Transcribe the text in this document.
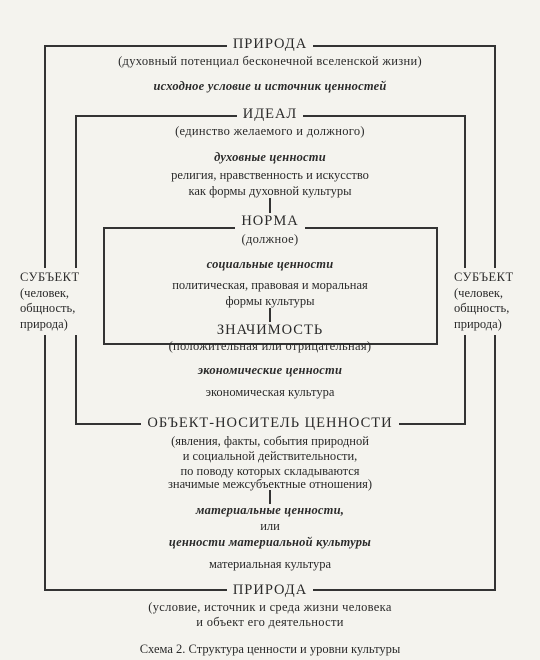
ПРИРОДА
(духовный потенциал бесконечной вселенской жизни)
исходное условие и источник ценностей
ИДЕАЛ
(единство желаемого и должного)
духовные ценности
религия, нравственность и искусство
как формы духовной культуры
НОРМА
(должное)
социальные ценности
политическая, правовая и моральная
формы культуры
ЗНАЧИМОСТЬ
(положительная или отрицательная)
экономические ценности
экономическая культура
ОБЪЕКТ-НОСИТЕЛЬ ЦЕННОСТИ
(явления, факты, события природной
и социальной действительности,
по поводу которых складываются
значимые межсубъектные отношения)
материальные ценности,
или
ценности материальной культуры
материальная культура
ПРИРОДА
(условие, источник и среда жизни человека
и объект его деятельности
СУБЪЕКТ
(человек,
общность,
природа)
СУБЪЕКТ
(человек,
общность,
природа)
Схема 2. Структура ценности и уровни культуры
